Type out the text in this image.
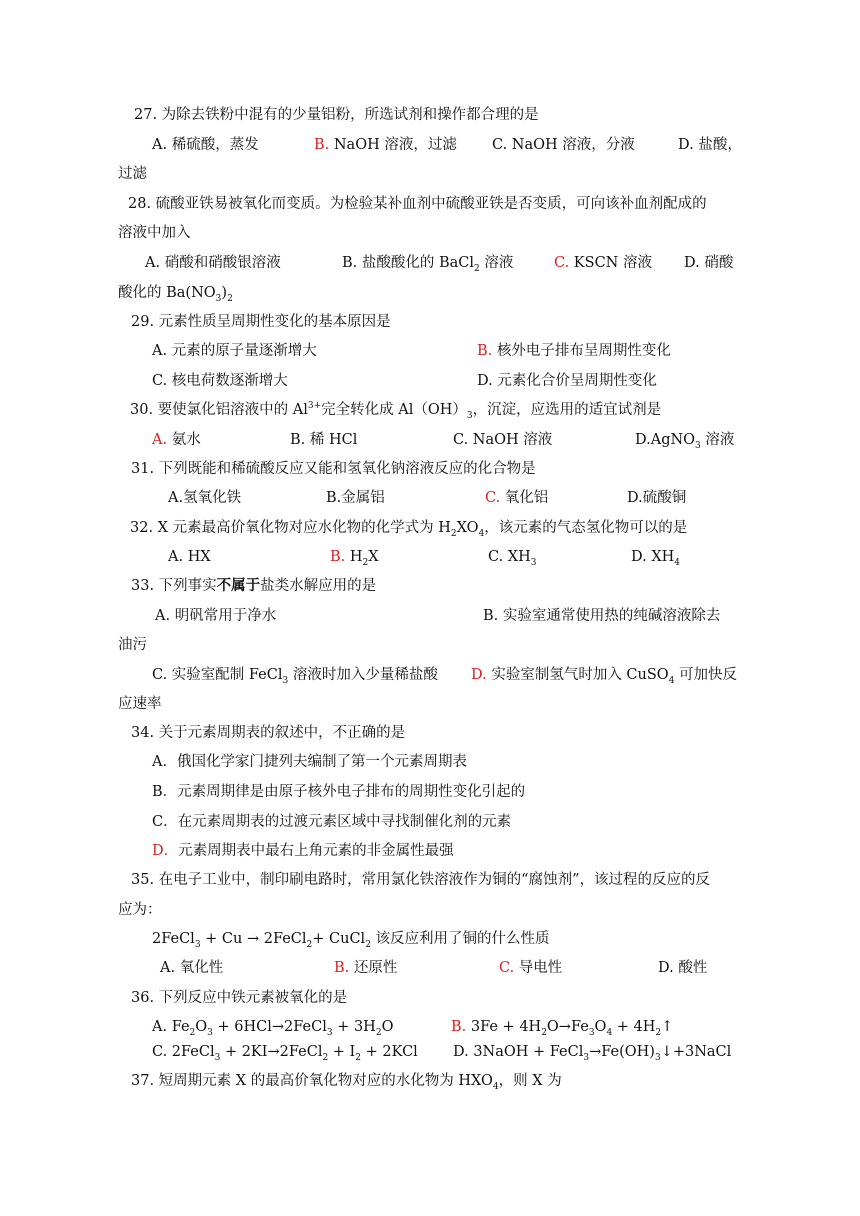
27. 为除去铁粉中混有的少量铝粉，所选试剂和操作都合理的是
A. 稀硫酸，蒸发	B. NaOH 溶液，过滤 C. NaOH 溶液，分液	D. 盐酸，
过滤
28. 硫酸亚铁易被氧化而变质。为检验某补血剂中硫酸亚铁是否变质，可向该补血剂配成的
溶液中加入
A. 硝酸和硝酸银溶液	B. 盐酸酸化的 BaCl$_2$ 溶液	C. KSCN 溶液 D. 硝酸
酸化的 $Ba(NO_3)_2$
29. 元素性质呈周期性变化的基本原因是
A. 元素的原子量逐渐增大	B. 核外电子排布呈周期性变化
C. 核电荷数逐渐增大	D. 元素化合价呈周期性变化
30. 要使氯化铝溶液中的 $Al^{3+}$完全转化成 $Al(OH)_3$，沉淀，应选用的适宜试剂是
A. 氨水	B. 稀 HCl	C. NaOH 溶液	D.AgNO$_3$ 溶液
31. 下列既能和稀硫酸反应又能和氢氧化钠溶液反应的化合物是
A.氢氧化铁	B.金属铝	C. 氧化铝	D.硫酸铜
32. X 元素最高价氧化物对应水化物的化学式为 $H_2XO_4$，该元素的气态氢化物可以的是
A. HX	B. $H_2X$	C. $XH_3$	D. $XH_4$
33. 下列事实不属于盐类水解应用的是
A. 明矾常用于净水	B. 实验室通常使用热的纯碱溶液除去
油污
C. 实验室配制 FeCl$_3$ 溶液时加入少量稀盐酸 D. 实验室制氢气时加入 CuSO$_4$ 可加快反
应速率
34. 关于元素周期表的叙述中，不正确的是
A．俄国化学家门捷列夫编制了第一个元素周期表
B．元素周期律是由原子核外电子排布的周期性变化引起的
C．在元素周期表的过渡元素区域中寻找制催化剂的元素
D．元素周期表中最右上角元素的非金属性最强
35. 在电子工业中，制印刷电路时，常用氯化铁溶液作为铜的“腐蚀剂”，该过程的反应的反
应为：
2FeCl$_3$ + Cu → 2FeCl$_2$+ CuCl$_2$ 该反应利用了铜的什么性质
A. 氧化性	B. 还原性	C. 导电性	D. 酸性
36. 下列反应中铁元素被氧化的是
A. $Fe_2O_3$ + 6HCl→2FeCl$_3$ + $3H_2O$	B. $3Fe + 4H_2O\to Fe_3O_4$ + $4H_2↑$
C. 2FeCl$_3$ + 2KI→2FeCl$_2$ + $I_2 + 2KCl$ D. 3NaOH + $FeCl_3\to Fe(OH)_3↓+3NaCl$
37. 短周期元素 X 的最高价氧化物对应的水化物为 $HXO_4$，则 X 为
